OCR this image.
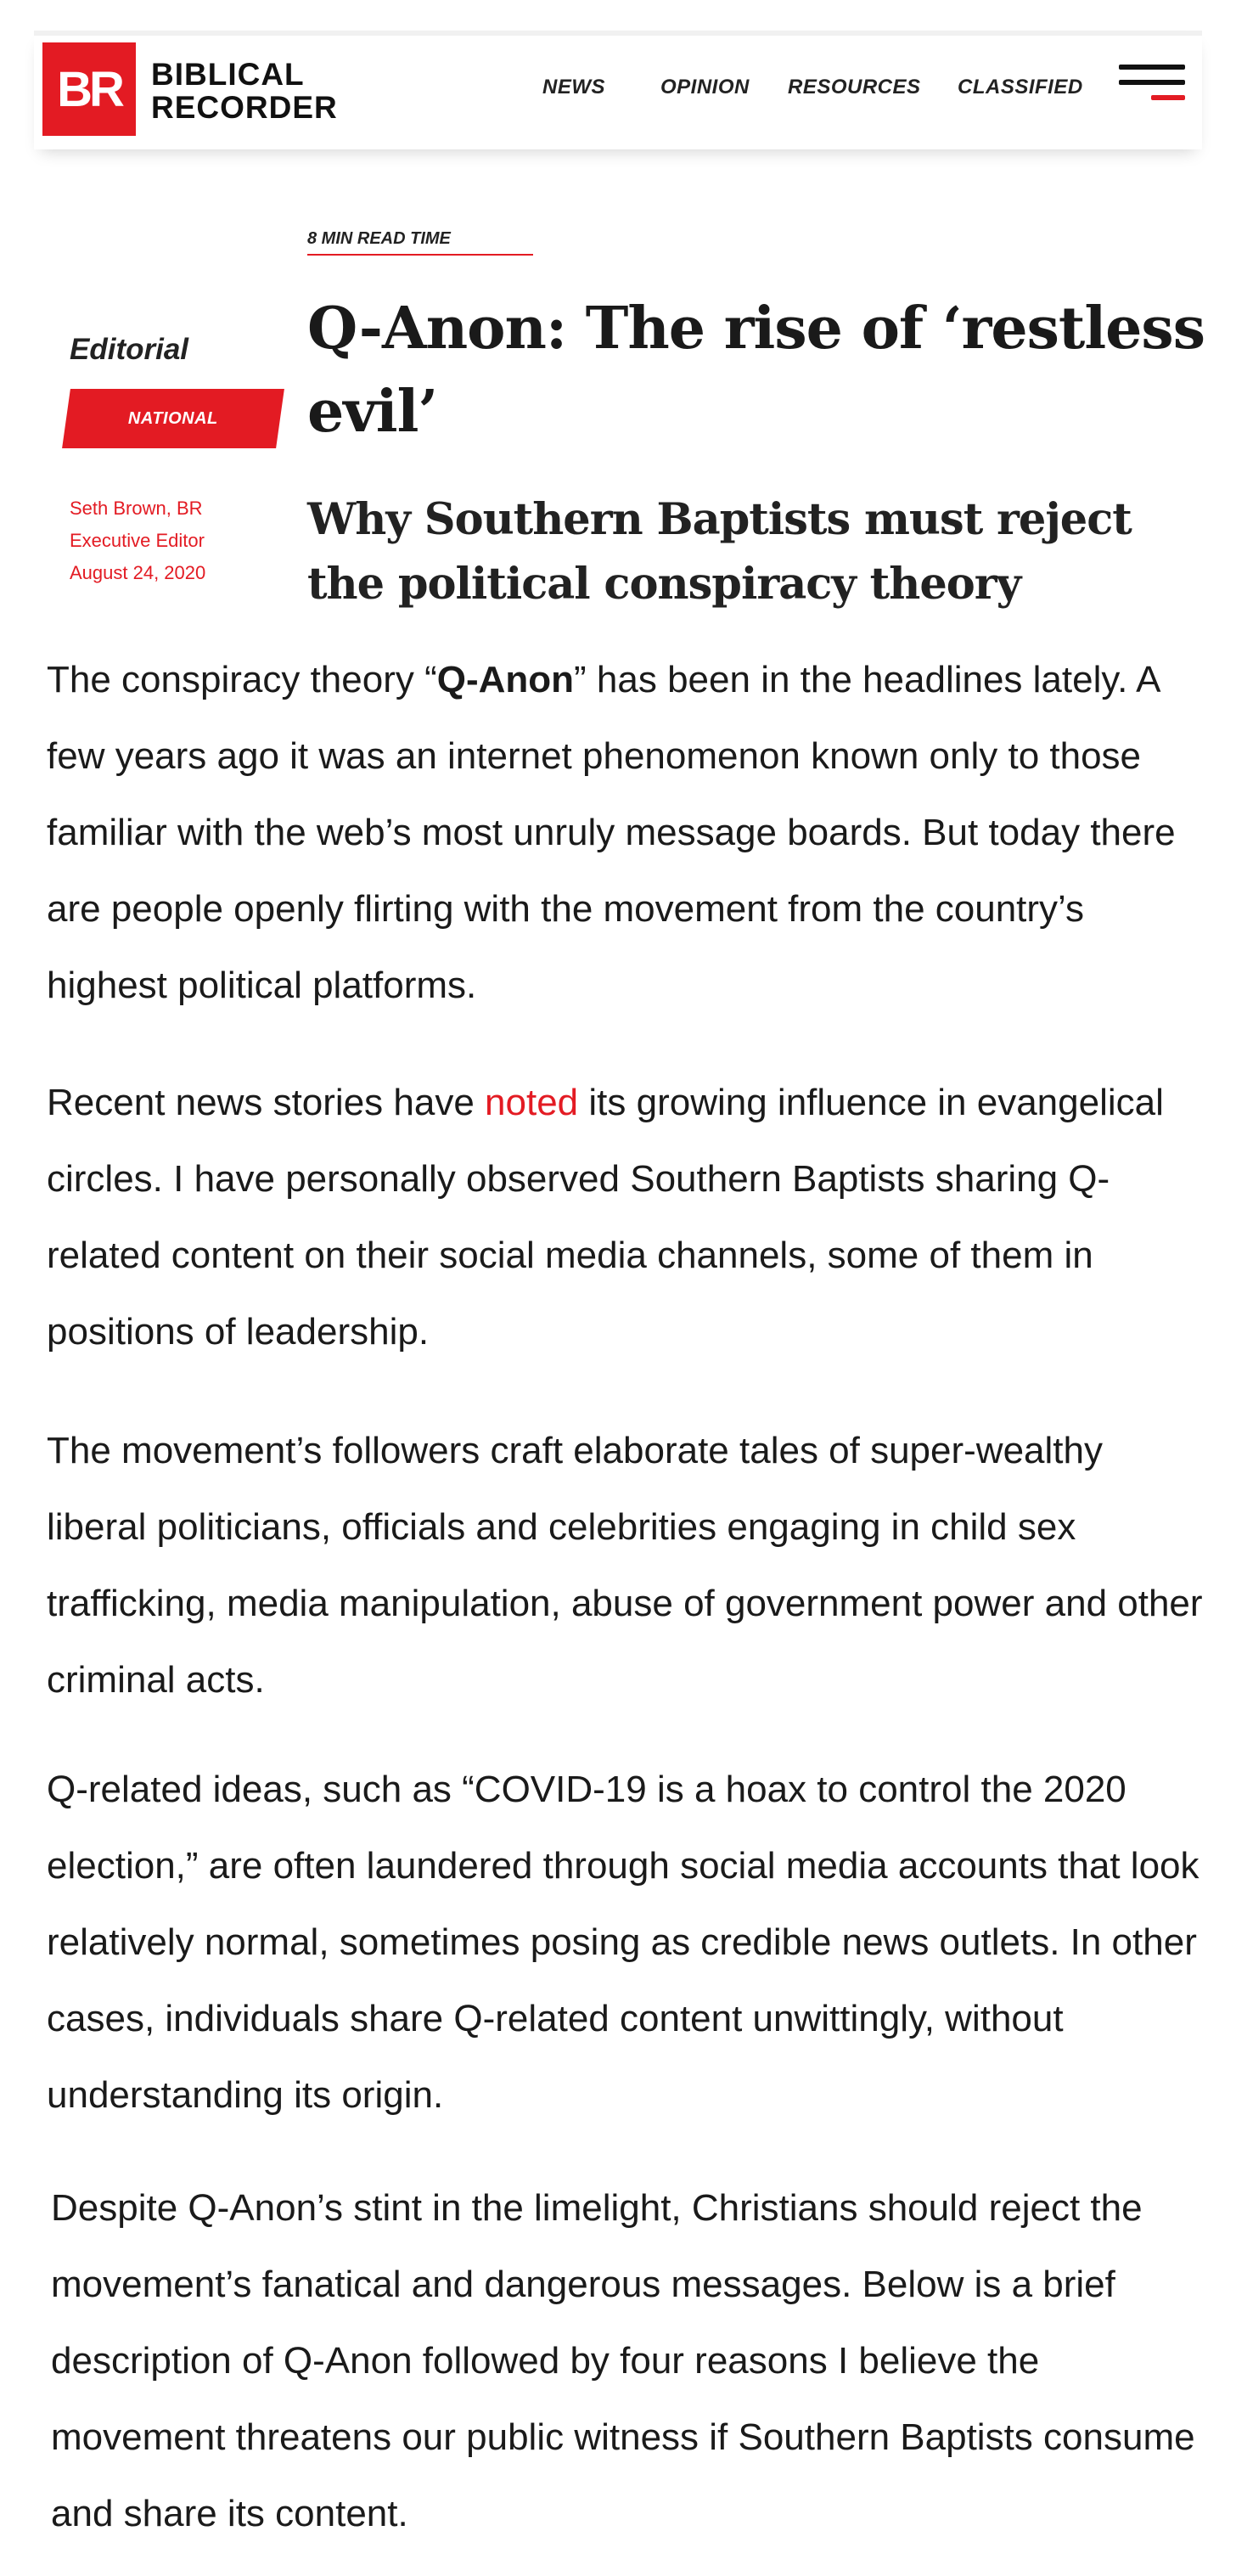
BR BIBLICAL
RECORDER
NEWS	OPINION RESOURCES CLASSIFIED
8 MIN READ TIME
Editorial
NATIONAL
Seth Brown, BR
Executive Editor
August 24, 2020
Q-Anon: The rise of ‘restless
evil’
Why Southern Baptists must reject
the political conspiracy theory

The conspiracy theory “Q-Anon” has been in the headlines lately. A few years ago it was an internet phenomenon known only to those familiar with the web’s most unruly message boards. But today there are people openly flirting with the movement from the country’s highest political platforms.

Recent news stories have noted its growing influence in evangelical circles. I have personally observed Southern Baptists sharing Q-related content on their social media channels, some of them in positions of leadership.

The movement’s followers craft elaborate tales of super-wealthy liberal politicians, officials and celebrities engaging in child sex trafficking, media manipulation, abuse of government power and other criminal acts.

Q-related ideas, such as “COVID-19 is a hoax to control the 2020 election,” are often laundered through social media accounts that look relatively normal, sometimes posing as credible news outlets. In other cases, individuals share Q-related content unwittingly, without understanding its origin.

Despite Q-Anon’s stint in the limelight, Christians should reject the movement’s fanatical and dangerous messages. Below is a brief description of Q-Anon followed by four reasons I believe the movement threatens our public witness if Southern Baptists consume and share its content.
